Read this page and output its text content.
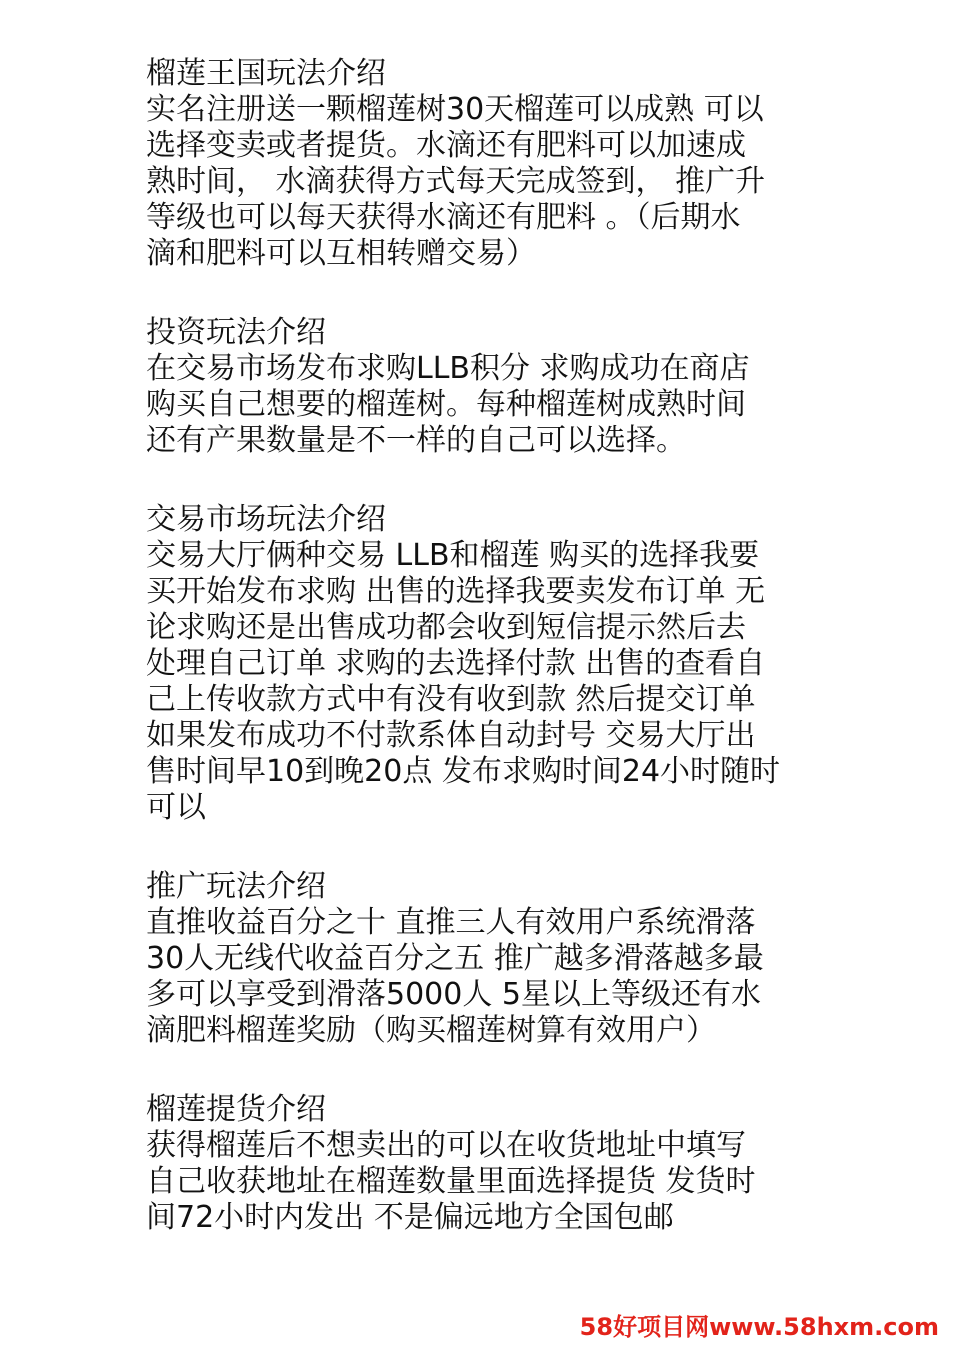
榴莲王国玩法介绍
实名注册送一颗榴莲树30天榴莲可以成熟 可以
选择变卖或者提货。水滴还有肥料可以加速成
熟时间， 水滴获得方式每天完成签到， 推广升
等级也可以每天获得水滴还有肥料 。（后期水
滴和肥料可以互相转赠交易）
投资玩法介绍
在交易市场发布求购LLB积分 求购成功在商店
购买自己想要的榴莲树。每种榴莲树成熟时间
还有产果数量是不一样的自己可以选择。
交易市场玩法介绍
交易大厅俩种交易 LLB和榴莲 购买的选择我要
买开始发布求购 出售的选择我要卖发布订单 无
论求购还是出售成功都会收到短信提示然后去
处理自己订单 求购的去选择付款 出售的查看自
己上传收款方式中有没有收到款 然后提交订单
如果发布成功不付款系体自动封号 交易大厅出
售时间早10到晚20点 发布求购时间24小时随时
可以
推广玩法介绍
直推收益百分之十 直推三人有效用户系统滑落
30人无线代收益百分之五 推广越多滑落越多最
多可以享受到滑落5000人 5星以上等级还有水
滴肥料榴莲奖励（购买榴莲树算有效用户）
榴莲提货介绍
获得榴莲后不想卖出的可以在收货地址中填写
自己收获地址在榴莲数量里面选择提货 发货时
间72小时内发出 不是偏远地方全国包邮
58好项目网www.58hxm.com
